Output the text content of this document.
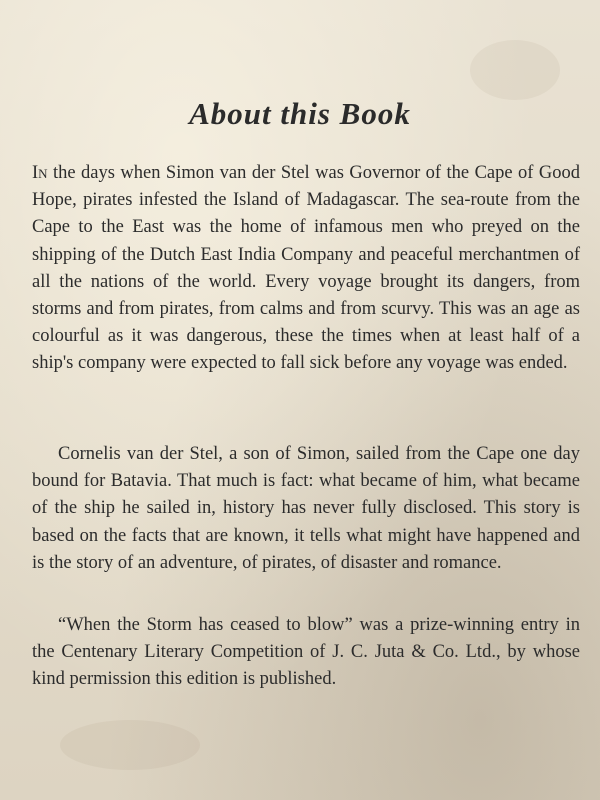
About this Book

In the days when Simon van der Stel was Governor of the Cape of Good Hope, pirates infested the Island of Madagascar. The sea-route from the Cape to the East was the home of infamous men who preyed on the shipping of the Dutch East India Company and peaceful merchantmen of all the nations of the world. Every voyage brought its dangers, from storms and from pirates, from calms and from scurvy. This was an age as colourful as it was dangerous, these the times when at least half of a ship's company were expected to fall sick before any voyage was ended.

Cornelis van der Stel, a son of Simon, sailed from the Cape one day bound for Batavia. That much is fact: what became of him, what became of the ship he sailed in, history has never fully disclosed. This story is based on the facts that are known, it tells what might have happened and is the story of an adventure, of pirates, of disaster and romance.

“When the Storm has ceased to blow” was a prize-winning entry in the Centenary Literary Competition of J. C. Juta & Co. Ltd., by whose kind permission this edition is published.
